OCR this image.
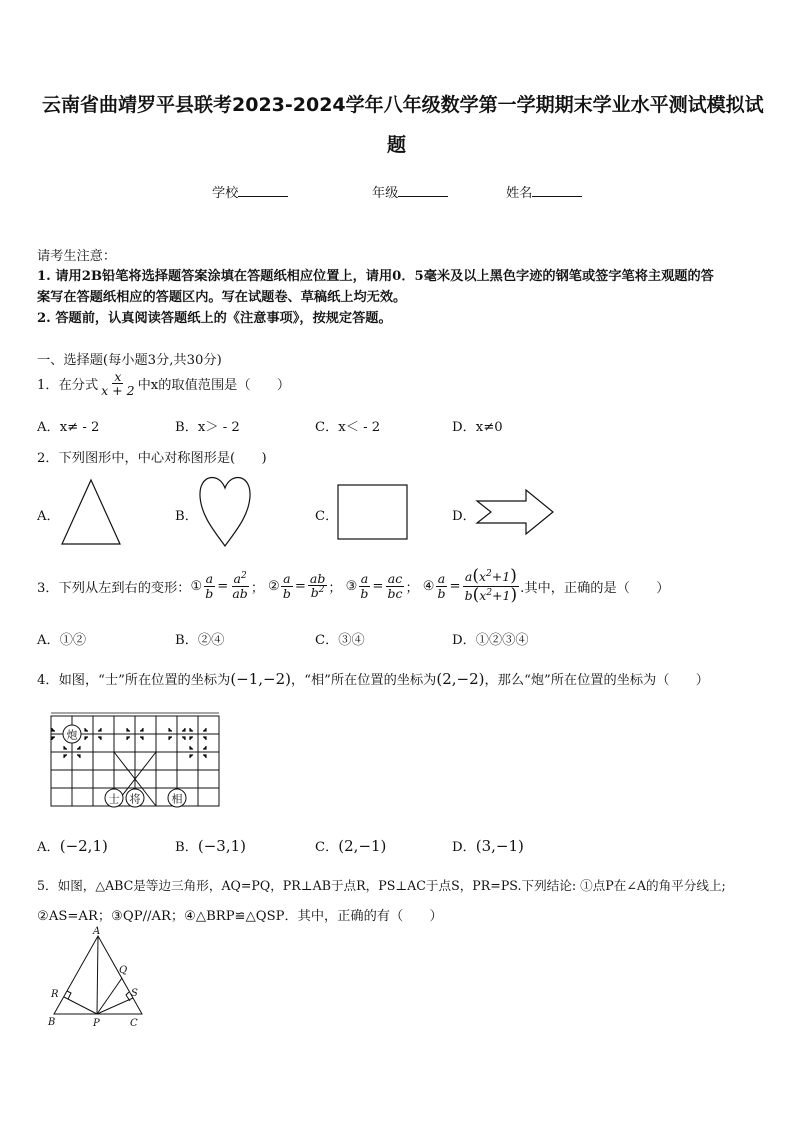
云南省曲靖罗平县联考2023-2024学年八年级数学第一学期期末学业水平测试模拟试
题
学校	年级	姓名
请考生注意：
1. 请用2B铅笔将选择题答案涂填在答题纸相应位置上，请用0．5毫米及以上黑色字迹的钢笔或签字笔将主观题的答
案写在答题纸相应的答题区内。写在试题卷、草稿纸上均无效。
2. 答题前，认真阅读答题纸上的《注意事项》，按规定答题。
一、选择题(每小题3分,共30分)
1．在分式 $\frac{x}{x + 2}$ 中x的取值范围是（　　）
A．x≠ - 2	B．x＞ - 2	C．x＜ - 2	D．x≠0
2．下列图形中，中心对称图形是(　　)
A．	B．	C．	D．
3．下列从左到右的变形： ① $\frac{a}{b} = \frac{a^2}{ab}$ ； ② $\frac{a}{b} = \frac{ab}{b^2}$ ； ③ $\frac{a}{b} = \frac{ac}{bc}$ ； ④ $\frac{a}{b} = \frac{a(x^2+1)}{b(x^2+1)}$ .其中，正确的是（　　）
A．①②	B．②④	C．③④	D．①②③④
4．如图，“士”所在位置的坐标为(−1,−2)，“相”所在位置的坐标为(2,−2)，那么“炮”所在位置的坐标为（　　）
炮
士 将	相
A．(−2,1)	B．(−3,1)	C．(2,−1)	D．(3,−1)
5．如图，△ABC是等边三角形，AQ=PQ，PR⊥AB于点R，PS⊥AC于点S，PR=PS.下列结论: ①点P在∠A的角平分线上;
②AS=AR；③QP//AR；④△BRP≌△QSP．其中，正确的有（　　）
A
Q
R	S
B	P	C
